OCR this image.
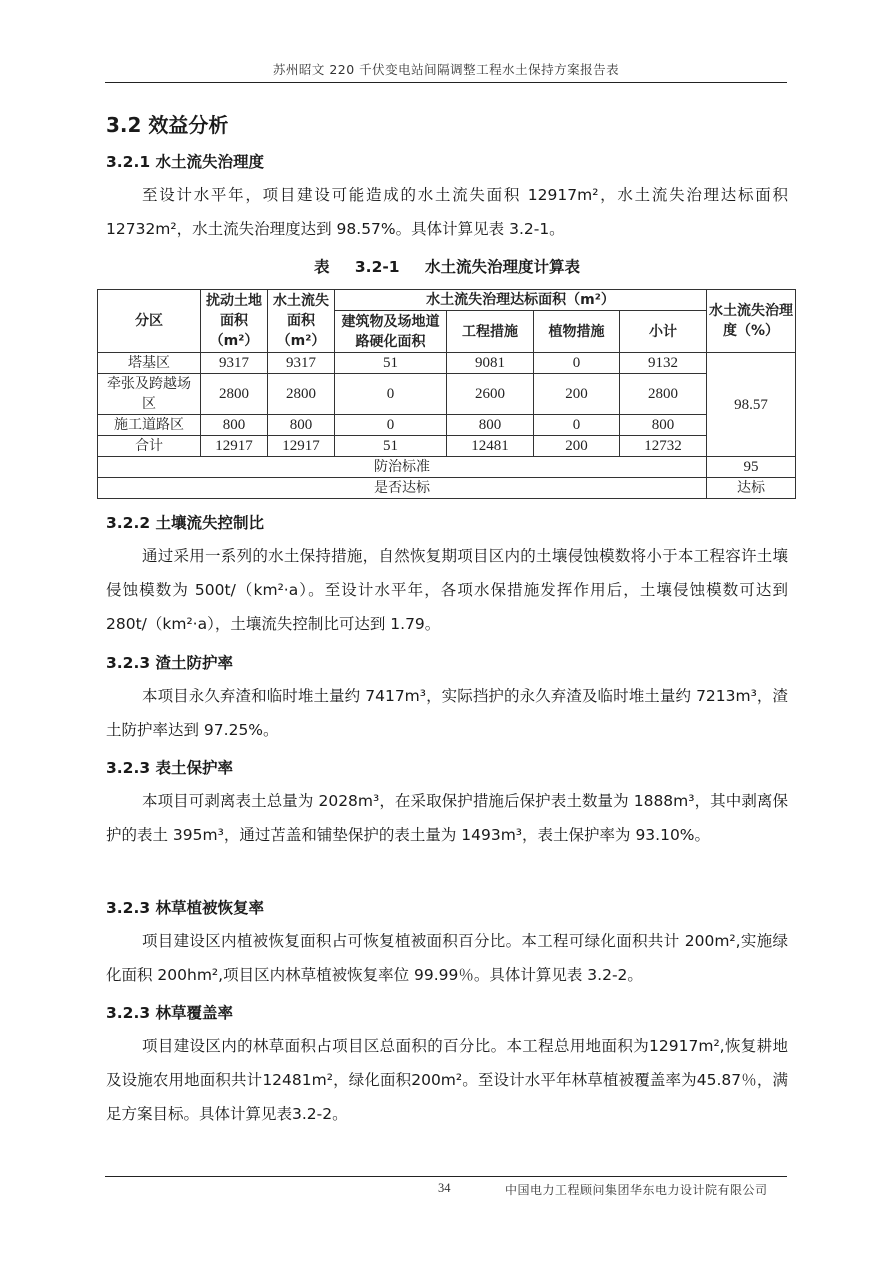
苏州昭文 220 千伏变电站间隔调整工程水土保持方案报告表
3.2 效益分析
3.2.1 水土流失治理度
至设计水平年，项目建设可能造成的水土流失面积 12917m²，水土流失治理达标面积 12732m²，水土流失治理度达到 98.57%。具体计算见表 3.2-1。
表 3.2-1 水土流失治理度计算表
分区	扰动土地面积（m²）	水土流失面积（m²）	水土流失治理达标面积（m²）				水土流失治理度（%）
			建筑物及场地道路硬化面积	工程措施	植物措施	小计	
塔基区	9317	9317	51	9081	0	9132	98.57
牵张及跨越场区	2800	2800	0	2600	200	2800	
施工道路区	800	800	0	800	0	800	
合计	12917	12917	51	12481	200	12732	
防治标准							95
是否达标							达标
3.2.2 土壤流失控制比
通过采用一系列的水土保持措施，自然恢复期项目区内的土壤侵蚀模数将小于本工程容许土壤侵蚀模数为 500t/（km²·a）。至设计水平年，各项水保措施发挥作用后，土壤侵蚀模数可达到 280t/（km²·a），土壤流失控制比可达到 1.79。
3.2.3 渣土防护率
本项目永久弃渣和临时堆土量约 7417m³，实际挡护的永久弃渣及临时堆土量约 7213m³，渣土防护率达到 97.25%。
3.2.3 表土保护率
本项目可剥离表土总量为 2028m³，在采取保护措施后保护表土数量为 1888m³，其中剥离保护的表土 395m³，通过苫盖和铺垫保护的表土量为 1493m³，表土保护率为 93.10%。
3.2.3 林草植被恢复率
项目建设区内植被恢复面积占可恢复植被面积百分比。本工程可绿化面积共计 200m²,实施绿化面积 200hm²,项目区内林草植被恢复率位 99.99％。具体计算见表 3.2-2。
3.2.3 林草覆盖率
项目建设区内的林草面积占项目区总面积的百分比。本工程总用地面积为12917m²,恢复耕地及设施农用地面积共计12481m²，绿化面积200m²。至设计水平年林草植被覆盖率为45.87％，满足方案目标。具体计算见表3.2-2。
34	中国电力工程顾问集团华东电力设计院有限公司
